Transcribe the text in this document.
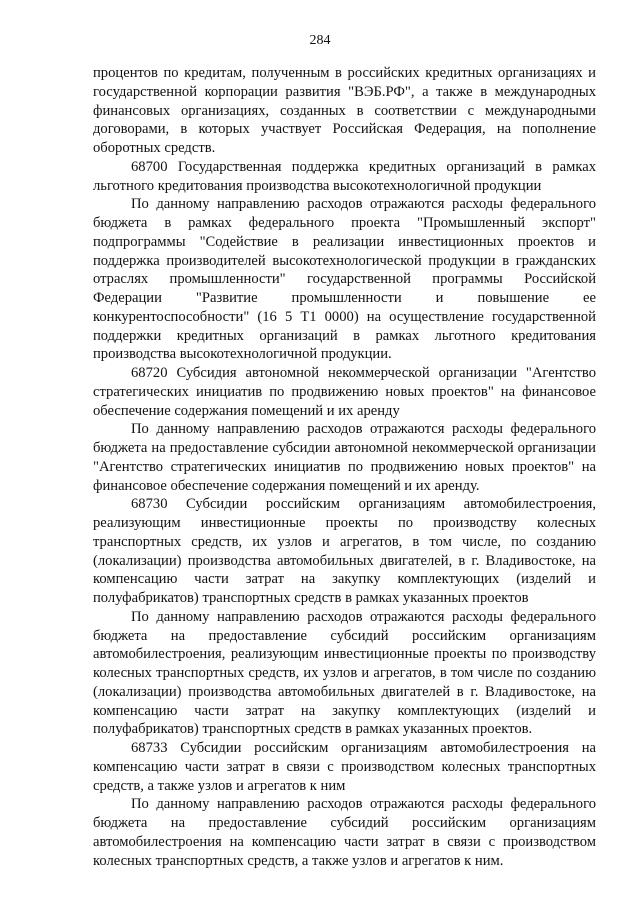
284

процентов по кредитам, полученным в российских кредитных организациях и государственной корпорации развития "ВЭБ.РФ", а также в международных финансовых организациях, созданных в соответствии с международными договорами, в которых участвует Российская Федерация, на пополнение оборотных средств.

68700 Государственная поддержка кредитных организаций в рамках льготного кредитования производства высокотехнологичной продукции

По данному направлению расходов отражаются расходы федерального бюджета в рамках федерального проекта "Промышленный экспорт" подпрограммы "Содействие в реализации инвестиционных проектов и поддержка производителей высокотехнологической продукции в гражданских отраслях промышленности" государственной программы Российской Федерации "Развитие промышленности и повышение ее конкурентоспособности" (16 5 Т1 0000) на осуществление государственной поддержки кредитных организаций в рамках льготного кредитования производства высокотехнологичной продукции.

68720 Субсидия автономной некоммерческой организации "Агентство стратегических инициатив по продвижению новых проектов" на финансовое обеспечение содержания помещений и их аренду

По данному направлению расходов отражаются расходы федерального бюджета на предоставление субсидии автономной некоммерческой организации "Агентство стратегических инициатив по продвижению новых проектов" на финансовое обеспечение содержания помещений и их аренду.

68730 Субсидии российским организациям автомобилестроения, реализующим инвестиционные проекты по производству колесных транспортных средств, их узлов и агрегатов, в том числе, по созданию (локализации) производства автомобильных двигателей, в г. Владивостоке, на компенсацию части затрат на закупку комплектующих (изделий и полуфабрикатов) транспортных средств в рамках указанных проектов

По данному направлению расходов отражаются расходы федерального бюджета на предоставление субсидий российским организациям автомобилестроения, реализующим инвестиционные проекты по производству колесных транспортных средств, их узлов и агрегатов, в том числе по созданию (локализации) производства автомобильных двигателей в г. Владивостоке, на компенсацию части затрат на закупку комплектующих (изделий и полуфабрикатов) транспортных средств в рамках указанных проектов.

68733 Субсидии российским организациям автомобилестроения на компенсацию части затрат в связи с производством колесных транспортных средств, а также узлов и агрегатов к ним

По данному направлению расходов отражаются расходы федерального бюджета на предоставление субсидий российским организациям автомобилестроения на компенсацию части затрат в связи с производством колесных транспортных средств, а также узлов и агрегатов к ним.
